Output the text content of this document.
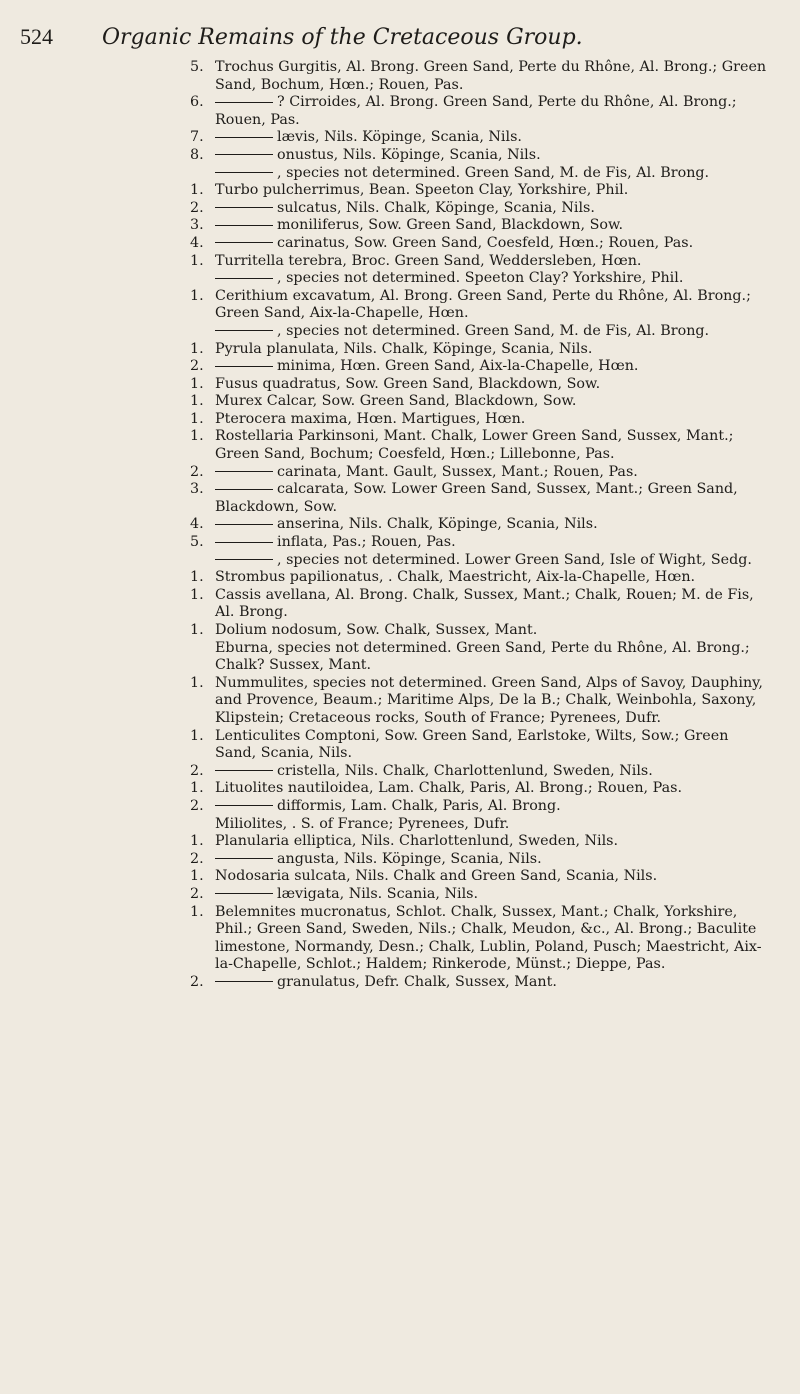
524	Organic Remains of the Cretaceous Group.
5. Trochus Gurgitis, Al. Brong. Green Sand, Perte du Rhône, Al. Brong.; Green Sand, Bochum, Hœn.; Rouen, Pas.
6.	? Cirroides, Al. Brong. Green Sand, Perte du Rhône, Al. Brong.; Rouen, Pas.
7.	lævis, Nils. Köpinge, Scania, Nils.
8.	onustus, Nils. Köpinge, Scania, Nils.
, species not determined. Green Sand, M. de Fis, Al. Brong.
1. Turbo pulcherrimus, Bean. Speeton Clay, Yorkshire, Phil.
2.	sulcatus, Nils. Chalk, Köpinge, Scania, Nils.
3.	moniliferus, Sow. Green Sand, Blackdown, Sow.
4.	carinatus, Sow. Green Sand, Coesfeld, Hœn.; Rouen, Pas.
1. Turritella terebra, Broc. Green Sand, Weddersleben, Hœn.
, species not determined. Speeton Clay? Yorkshire, Phil.
1. Cerithium excavatum, Al. Brong. Green Sand, Perte du Rhône, Al. Brong.; Green Sand, Aix-la-Chapelle, Hœn.
, species not determined. Green Sand, M. de Fis, Al. Brong.
1. Pyrula planulata, Nils. Chalk, Köpinge, Scania, Nils.
2.	minima, Hœn. Green Sand, Aix-la-Chapelle, Hœn.
1. Fusus quadratus, Sow. Green Sand, Blackdown, Sow.
1. Murex Calcar, Sow. Green Sand, Blackdown, Sow.
1. Pterocera maxima, Hœn. Martigues, Hœn.
1. Rostellaria Parkinsoni, Mant. Chalk, Lower Green Sand, Sussex, Mant.; Green Sand, Bochum; Coesfeld, Hœn.; Lillebonne, Pas.
2.	carinata, Mant. Gault, Sussex, Mant.; Rouen, Pas.
3.	calcarata, Sow. Lower Green Sand, Sussex, Mant.; Green Sand, Blackdown, Sow.
4.	anserina, Nils. Chalk, Köpinge, Scania, Nils.
5.	inflata, Pas.; Rouen, Pas.
, species not determined. Lower Green Sand, Isle of Wight, Sedg.
1. Strombus papilionatus, . Chalk, Maestricht, Aix-la-Chapelle, Hœn.
1. Cassis avellana, Al. Brong. Chalk, Sussex, Mant.; Chalk, Rouen; M. de Fis, Al. Brong.
1. Dolium nodosum, Sow. Chalk, Sussex, Mant.
Eburna, species not determined. Green Sand, Perte du Rhône, Al. Brong.; Chalk? Sussex, Mant.
1. Nummulites, species not determined. Green Sand, Alps of Savoy, Dauphiny, and Provence, Beaum.; Maritime Alps, De la B.; Chalk, Weinbohla, Saxony, Klipstein; Cretaceous rocks, South of France; Pyrenees, Dufr.
1. Lenticulites Comptoni, Sow. Green Sand, Earlstoke, Wilts, Sow.; Green Sand, Scania, Nils.
2.	cristella, Nils. Chalk, Charlottenlund, Sweden, Nils.
1. Lituolites nautiloidea, Lam. Chalk, Paris, Al. Brong.; Rouen, Pas.
2.	difformis, Lam. Chalk, Paris, Al. Brong.
Miliolites, . S. of France; Pyrenees, Dufr.
1. Planularia elliptica, Nils. Charlottenlund, Sweden, Nils.
2.	angusta, Nils. Köpinge, Scania, Nils.
1. Nodosaria sulcata, Nils. Chalk and Green Sand, Scania, Nils.
2.	lævigata, Nils. Scania, Nils.
1. Belemnites mucronatus, Schlot. Chalk, Sussex, Mant.; Chalk, Yorkshire, Phil.; Green Sand, Sweden, Nils.; Chalk, Meudon, &c., Al. Brong.; Baculite limestone, Normandy, Desn.; Chalk, Lublin, Poland, Pusch; Maestricht, Aix-la-Chapelle, Schlot.; Haldem; Rinkerode, Münst.; Dieppe, Pas.
2.	granulatus, Defr. Chalk, Sussex, Mant.
